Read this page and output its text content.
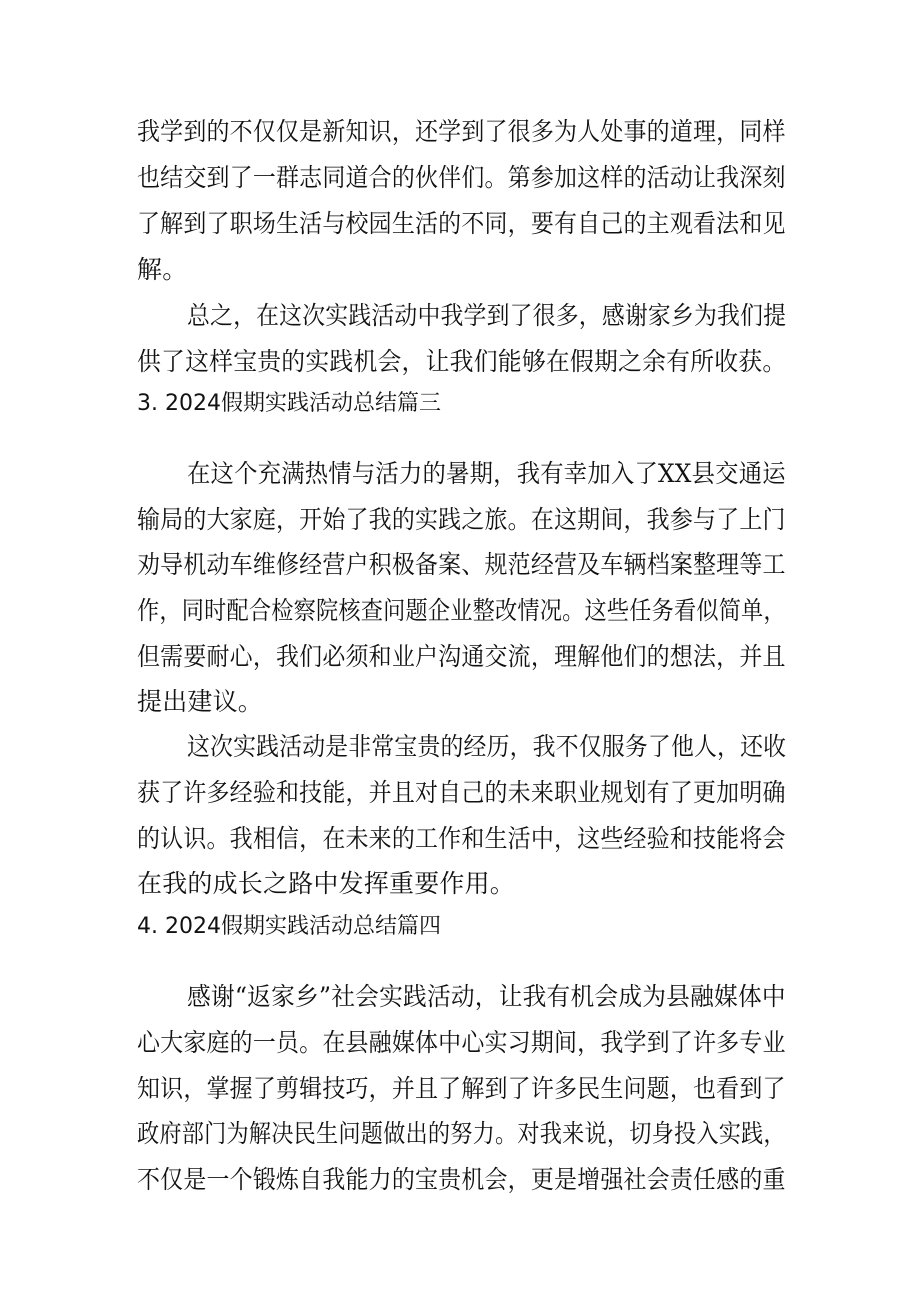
我学到的不仅仅是新知识，还学到了很多为人处事的道理，同样
也结交到了一群志同道合的伙伴们。第参加这样的活动让我深刻
了解到了职场生活与校园生活的不同，要有自己的主观看法和见
解。
总之，在这次实践活动中我学到了很多，感谢家乡为我们提
供了这样宝贵的实践机会，让我们能够在假期之余有所收获。
3. 2024假期实践活动总结篇三
在这个充满热情与活力的暑期，我有幸加入了XX县交通运
输局的大家庭，开始了我的实践之旅。在这期间，我参与了上门
劝导机动车维修经营户积极备案、规范经营及车辆档案整理等工
作，同时配合检察院核查问题企业整改情况。这些任务看似简单，
但需要耐心，我们必须和业户沟通交流，理解他们的想法，并且
提出建议。
这次实践活动是非常宝贵的经历，我不仅服务了他人，还收
获了许多经验和技能，并且对自己的未来职业规划有了更加明确
的认识。我相信，在未来的工作和生活中，这些经验和技能将会
在我的成长之路中发挥重要作用。
4. 2024假期实践活动总结篇四
感谢“返家乡”社会实践活动，让我有机会成为县融媒体中
心大家庭的一员。在县融媒体中心实习期间，我学到了许多专业
知识，掌握了剪辑技巧，并且了解到了许多民生问题，也看到了
政府部门为解决民生问题做出的努力。对我来说，切身投入实践，
不仅是一个锻炼自我能力的宝贵机会，更是增强社会责任感的重
